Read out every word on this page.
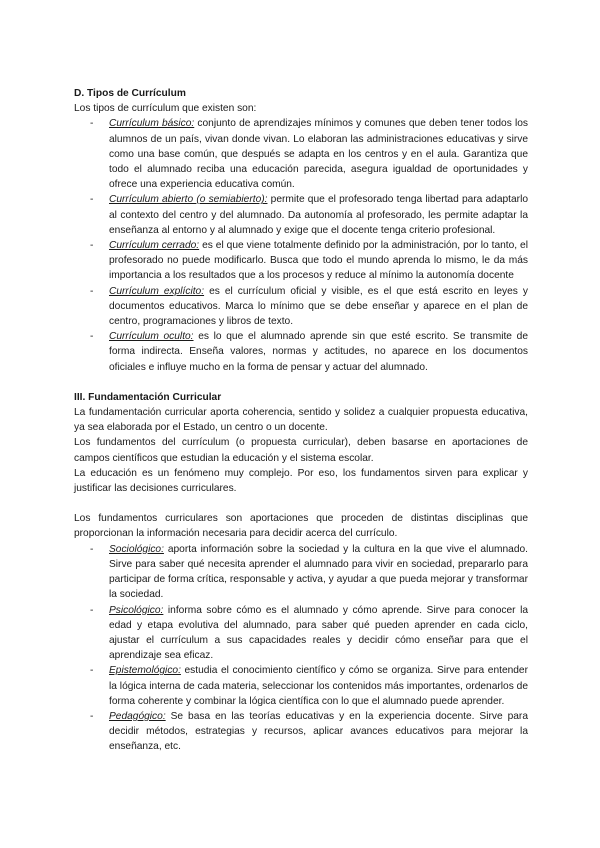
D. Tipos de Currículum

Los tipos de currículum que existen son:

- Currículum básico: conjunto de aprendizajes mínimos y comunes que deben tener todos los alumnos de un país, vivan donde vivan. Lo elaboran las administraciones educativas y sirve como una base común, que después se adapta en los centros y en el aula. Garantiza que todo el alumnado reciba una educación parecida, asegura igualdad de oportunidades y ofrece una experiencia educativa común.
- Currículum abierto (o semiabierto): permite que el profesorado tenga libertad para adaptarlo al contexto del centro y del alumnado. Da autonomía al profesorado, les permite adaptar la enseñanza al entorno y al alumnado y exige que el docente tenga criterio profesional.
- Currículum cerrado: es el que viene totalmente definido por la administración, por lo tanto, el profesorado no puede modificarlo. Busca que todo el mundo aprenda lo mismo, le da más importancia a los resultados que a los procesos y reduce al mínimo la autonomía docente
- Currículum explícito: es el currículum oficial y visible, es el que está escrito en leyes y documentos educativos. Marca lo mínimo que se debe enseñar y aparece en el plan de centro, programaciones y libros de texto.
- Currículum oculto: es lo que el alumnado aprende sin que esté escrito. Se transmite de forma indirecta. Enseña valores, normas y actitudes, no aparece en los documentos oficiales e influye mucho en la forma de pensar y actuar del alumnado.

III. Fundamentación Curricular

La fundamentación curricular aporta coherencia, sentido y solidez a cualquier propuesta educativa, ya sea elaborada por el Estado, un centro o un docente.

Los fundamentos del currículum (o propuesta curricular), deben basarse en aportaciones de campos científicos que estudian la educación y el sistema escolar.

La educación es un fenómeno muy complejo. Por eso, los fundamentos sirven para explicar y justificar las decisiones curriculares.

Los fundamentos curriculares son aportaciones que proceden de distintas disciplinas que proporcionan la información necesaria para decidir acerca del currículo.

- Sociológico: aporta información sobre la sociedad y la cultura en la que vive el alumnado. Sirve para saber qué necesita aprender el alumnado para vivir en sociedad, prepararlo para participar de forma crítica, responsable y activa, y ayudar a que pueda mejorar y transformar la sociedad.
- Psicológico: informa sobre cómo es el alumnado y cómo aprende. Sirve para conocer la edad y etapa evolutiva del alumnado, para saber qué pueden aprender en cada ciclo, ajustar el currículum a sus capacidades reales y decidir cómo enseñar para que el aprendizaje sea eficaz.
- Epistemológico: estudia el conocimiento científico y cómo se organiza. Sirve para entender la lógica interna de cada materia, seleccionar los contenidos más importantes, ordenarlos de forma coherente y combinar la lógica científica con lo que el alumnado puede aprender.
- Pedagógico: Se basa en las teorías educativas y en la experiencia docente. Sirve para decidir métodos, estrategias y recursos, aplicar avances educativos para mejorar la enseñanza, etc.
